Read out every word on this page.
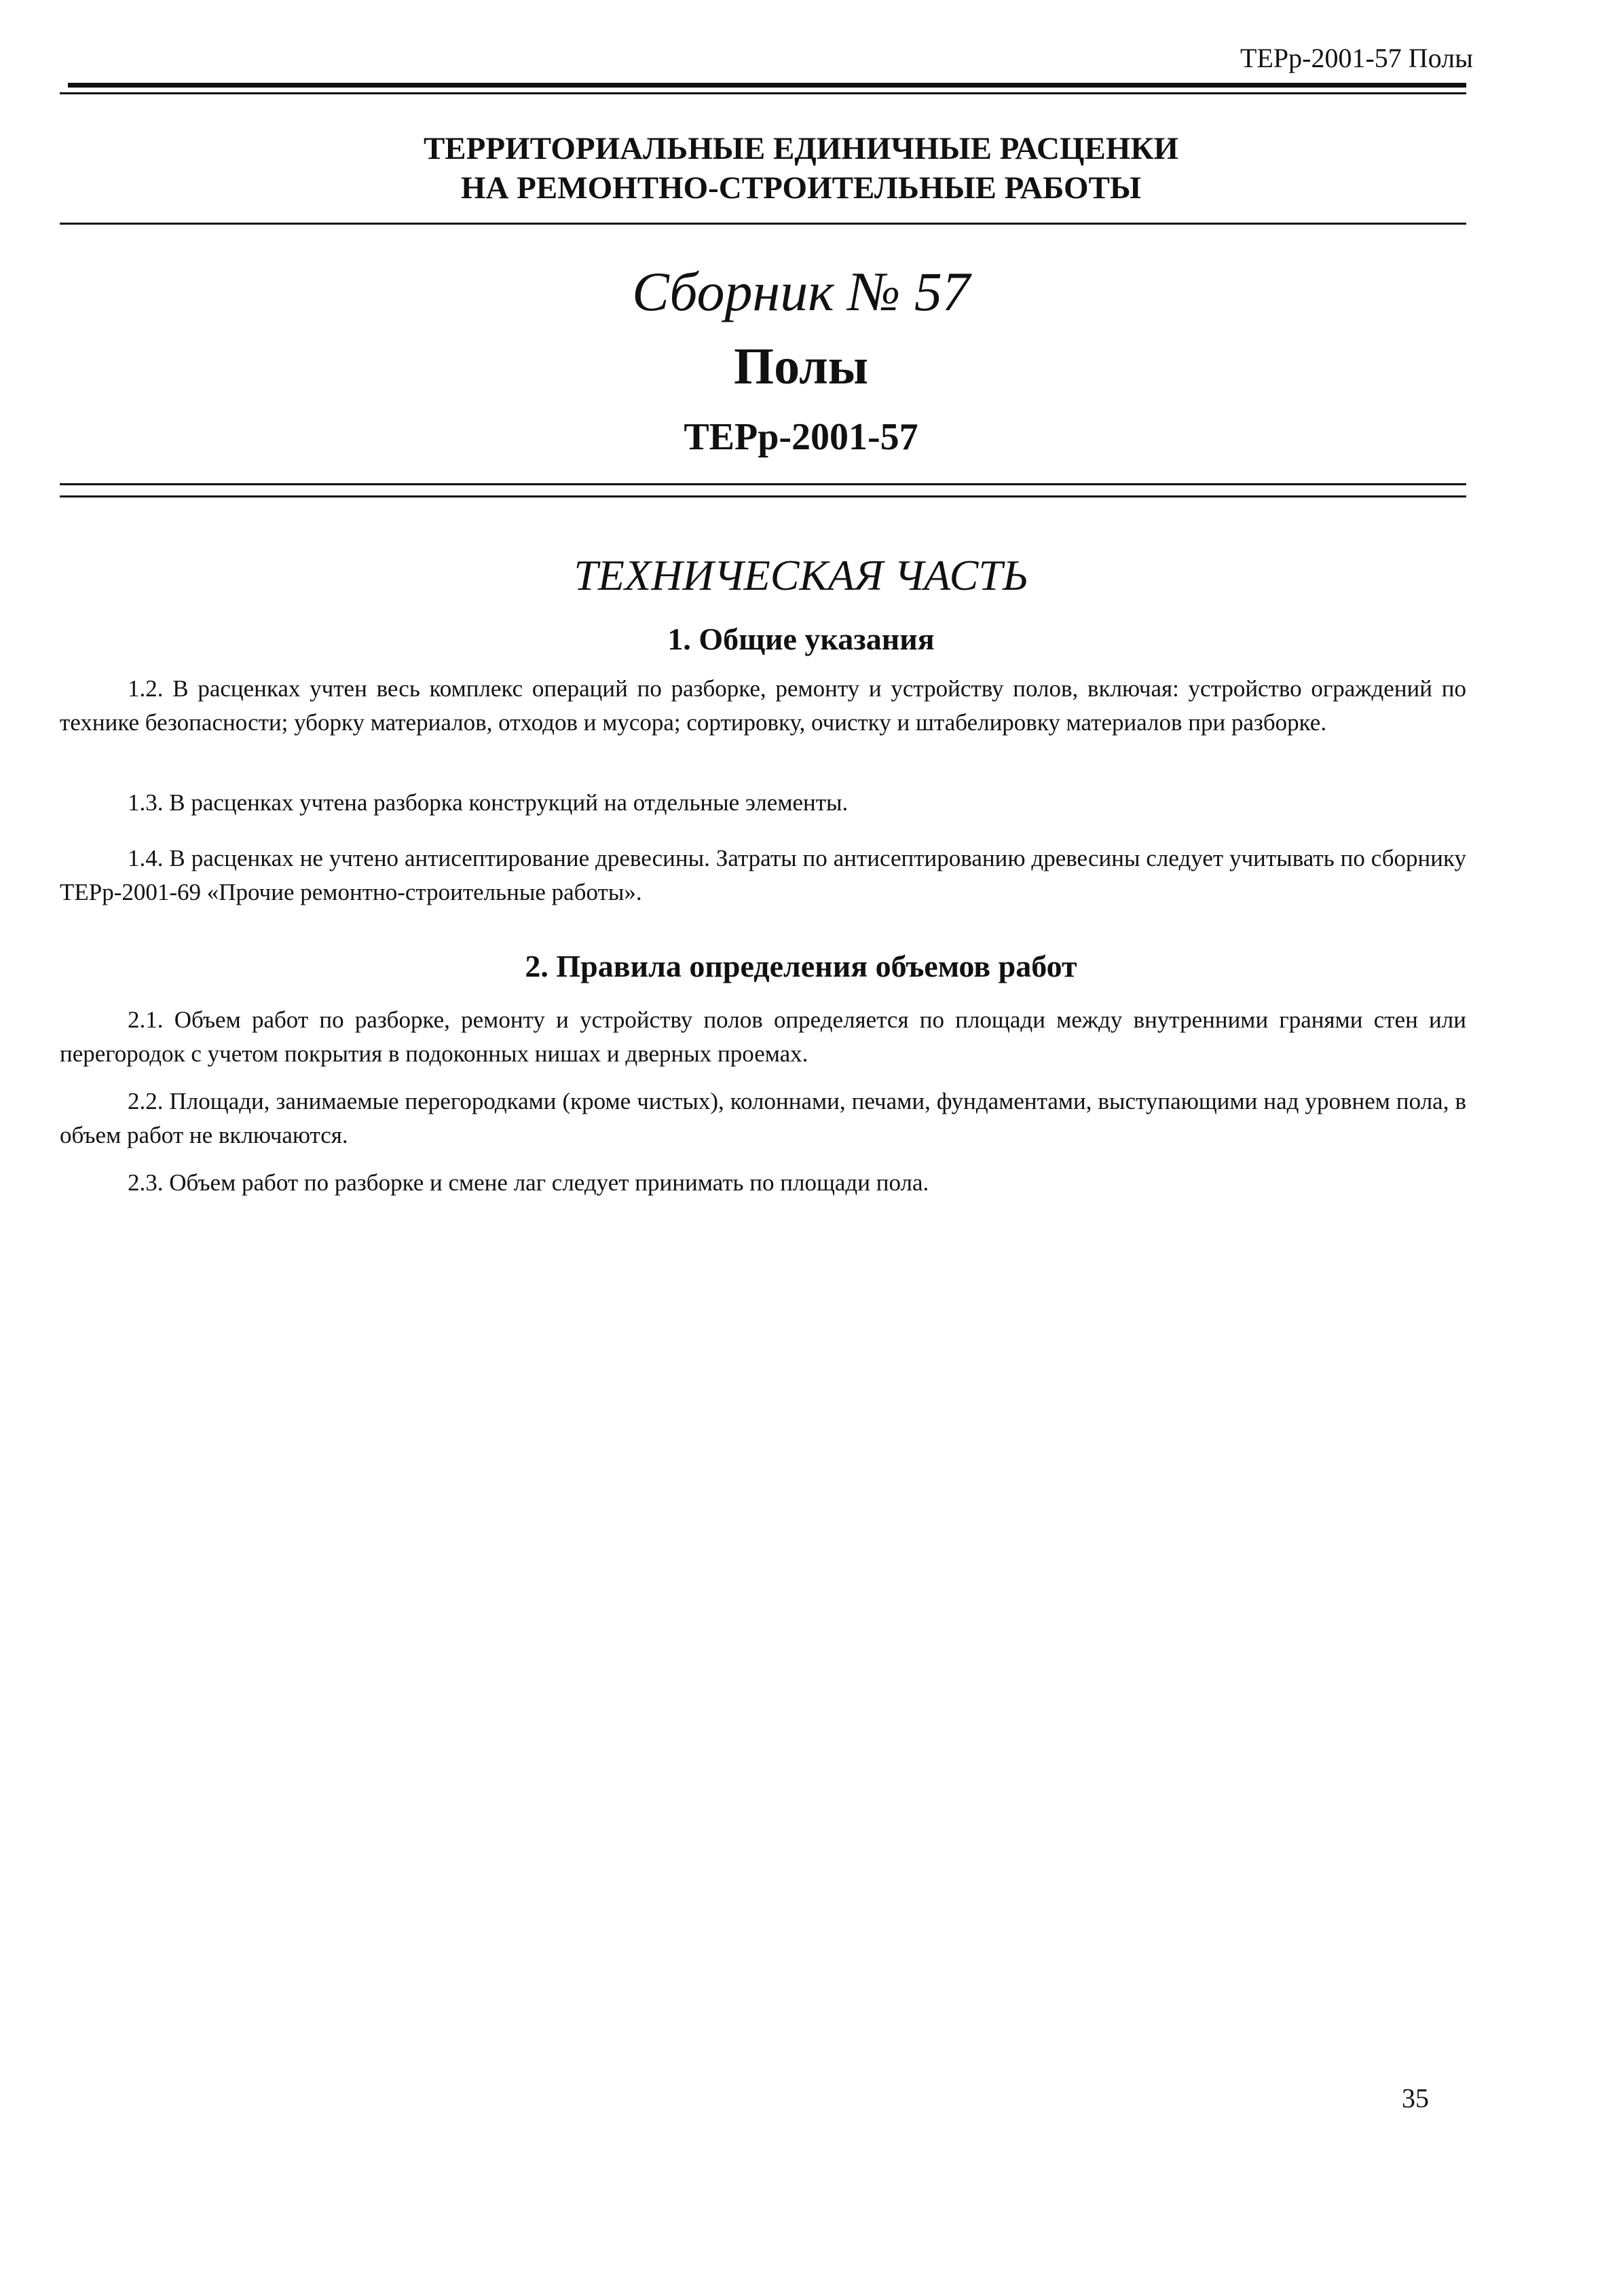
ТЕРр-2001-57 Полы
ТЕРРИТОРИАЛЬНЫЕ ЕДИНИЧНЫЕ РАСЦЕНКИ
НА РЕМОНТНО-СТРОИТЕЛЬНЫЕ РАБОТЫ
Сборник № 57
Полы
ТЕРр-2001-57
ТЕХНИЧЕСКАЯ ЧАСТЬ
1. Общие указания

1.2. В расценках учтен весь комплекс операций по разборке, ремонту и устройству полов, включая: устройство ограждений по технике безопасности; уборку материалов, отходов и мусора; сортировку, очистку и штабелировку материалов при разборке.

1.3. В расценках учтена разборка конструкций на отдельные элементы.

1.4. В расценках не учтено антисептирование древесины. Затраты по антисептированию древесины следует учитывать по сборнику ТЕРр-2001-69 «Прочие ремонтно-строительные работы».

2. Правила определения объемов работ

2.1. Объем работ по разборке, ремонту и устройству полов определяется по площади между внутренними гранями стен или перегородок с учетом покрытия в подоконных нишах и дверных проемах.

2.2. Площади, занимаемые перегородками (кроме чистых), колоннами, печами, фундаментами, выступающими над уровнем пола, в объем работ не включаются.

2.3. Объем работ по разборке и смене лаг следует принимать по площади пола.

35
